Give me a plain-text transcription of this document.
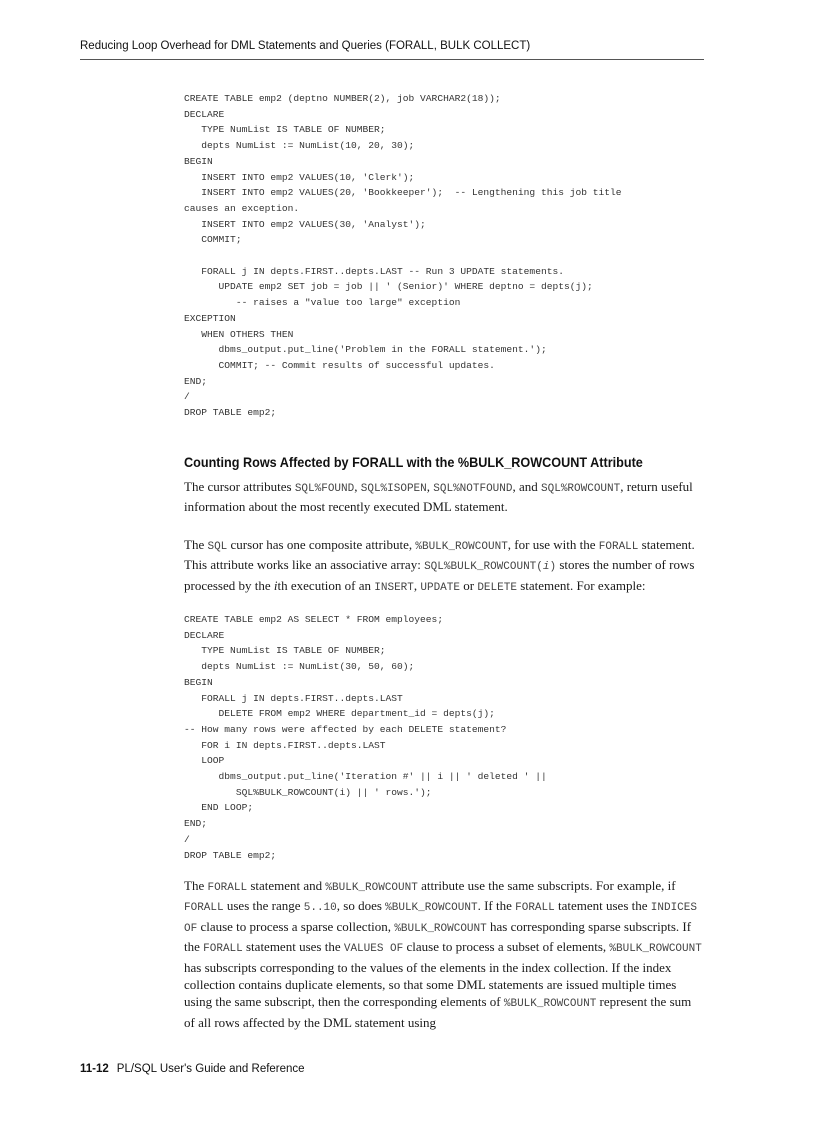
Reducing Loop Overhead for DML Statements and Queries (FORALL, BULK COLLECT)
CREATE TABLE emp2 (deptno NUMBER(2), job VARCHAR2(18));
DECLARE
TYPE NumList IS TABLE OF NUMBER;
depts NumList := NumList(10, 20, 30);
BEGIN
INSERT INTO emp2 VALUES(10, 'Clerk');
INSERT INTO emp2 VALUES(20, 'Bookkeeper');  -- Lengthening this job title
causes an exception.
INSERT INTO emp2 VALUES(30, 'Analyst');
COMMIT;

FORALL j IN depts.FIRST..depts.LAST -- Run 3 UPDATE statements.
UPDATE emp2 SET job = job || ' (Senior)' WHERE deptno = depts(j);
-- raises a "value too large" exception
EXCEPTION
WHEN OTHERS THEN
dbms_output.put_line('Problem in the FORALL statement.');
COMMIT; -- Commit results of successful updates.
END;
/
DROP TABLE emp2;
Counting Rows Affected by FORALL with the %BULK_ROWCOUNT Attribute

The cursor attributes SQL%FOUND, SQL%ISOPEN, SQL%NOTFOUND, and SQL%ROWCOUNT, return useful information about the most recently executed DML statement.

The SQL cursor has one composite attribute, %BULK_ROWCOUNT, for use with the FORALL statement. This attribute works like an associative array: SQL%BULK_ROWCOUNT(i) stores the number of rows processed by the ith execution of an INSERT, UPDATE or DELETE statement. For example:

CREATE TABLE emp2 AS SELECT * FROM employees;
DECLARE
TYPE NumList IS TABLE OF NUMBER;
depts NumList := NumList(30, 50, 60);
BEGIN
FORALL j IN depts.FIRST..depts.LAST
DELETE FROM emp2 WHERE department_id = depts(j);
-- How many rows were affected by each DELETE statement?
FOR i IN depts.FIRST..depts.LAST
LOOP
dbms_output.put_line('Iteration #' || i || ' deleted ' ||
SQL%BULK_ROWCOUNT(i) || ' rows.');
END LOOP;
END;
/
DROP TABLE emp2;

The FORALL statement and %BULK_ROWCOUNT attribute use the same subscripts. For example, if FORALL uses the range 5..10, so does %BULK_ROWCOUNT. If the FORALL tatement uses the INDICES OF clause to process a sparse collection, %BULK_ROWCOUNT has corresponding sparse subscripts. If the FORALL statement uses the VALUES OF clause to process a subset of elements, %BULK_ROWCOUNT has subscripts corresponding to the values of the elements in the index collection. If the index collection contains duplicate elements, so that some DML statements are issued multiple times using the same subscript, then the corresponding elements of %BULK_ROWCOUNT represent the sum of all rows affected by the DML statement using

11-12 PL/SQL User's Guide and Reference
